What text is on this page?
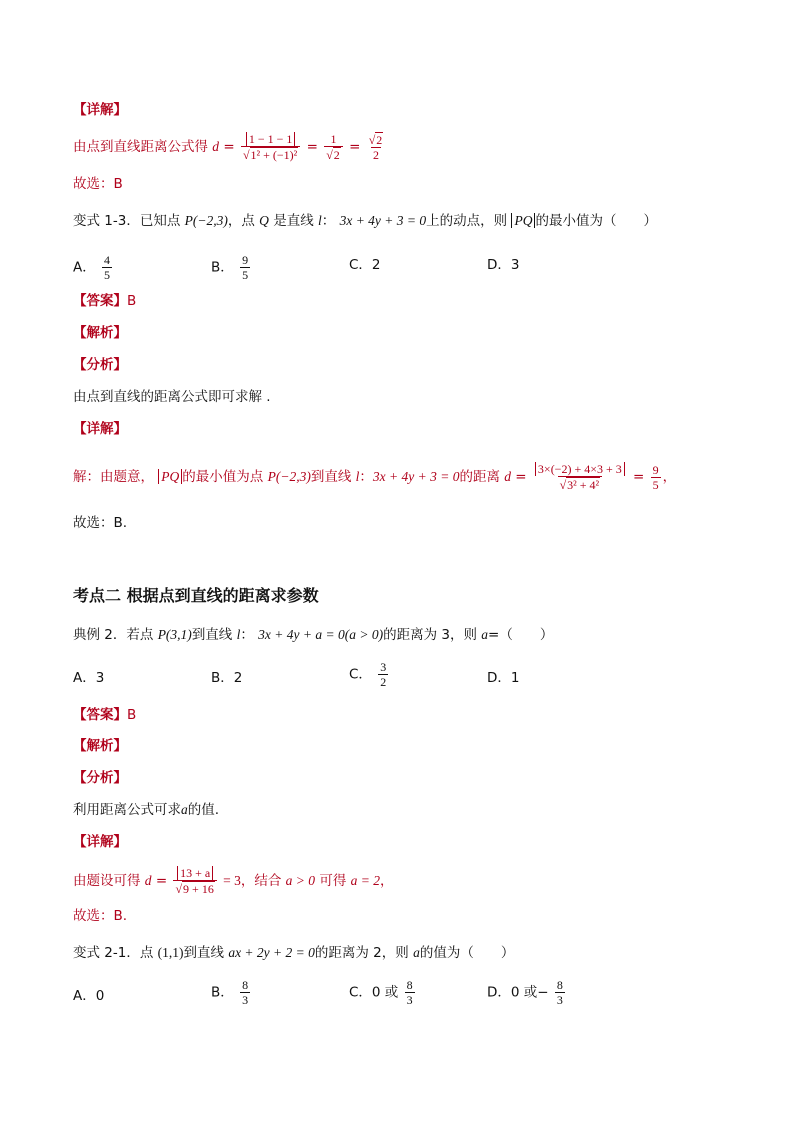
【详解】
由点到直线距离公式得 d = 1 − 1 − 1
√ 1² + (−1)² = 1
√ 2 =
√ $\frac{2}{2}$
故选：B
变式 1-3．已知点 P(−2,3)，点 Q 是直线 l： 3x + 4y + 3 = 0上的动点，则 PQ 的最小值为（　　）
A． $\frac{4}{5}$	B． $\frac{9}{5}$	C．2	D．3
【答案】B
【解析】
【分析】
由点到直线的距离公式即可求解 .
【详解】
解：由题意， PQ 的最小值为点 P(−2,3)到直线 l：3x + 4y + 3 = 0的距离 d = 3×(−2) + 4×3 + 3
√ $3^2 + 4^2 = \frac{9}{5}$ ，
故选：B.
考点二 根据点到直线的距离求参数
典例 2．若点 P(3,1)到直线 l： 3x + 4y + a = 0(a > 0)的距离为 3，则 a=（　　）
A．3	B．2	C． $\frac{3}{2}$	D．1
【答案】B
【解析】
【分析】
利用距离公式可求a的值.
【详解】
由题设可得 d = 13 + a
√ 9 + 16 = 3，结合 a > 0 可得 a = 2，
故选：B.
变式 2-1．点 (1,1)到直线 ax + 2y + 2 = 0的距离为 2，则 a的值为（　　）
A．0	B． $\frac{8}{3}$	C．0 或 $\frac{8}{3}$	D．0 或− $\frac{8}{3}$
